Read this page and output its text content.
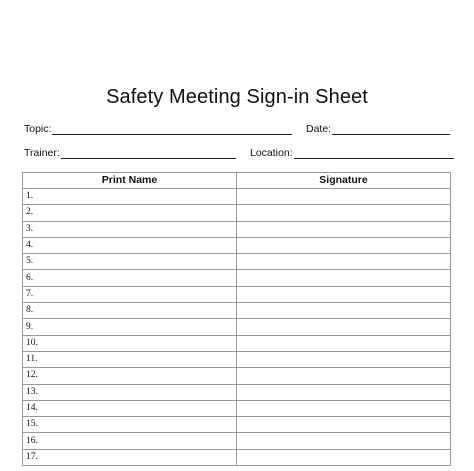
Safety Meeting Sign-in Sheet
Topic:	Date:
Trainer:	Location:
Print Name	Signature
1.	
2.	
3.	
4.	
5.	
6.	
7.	
8.	
9.	
10.	
11.	
12.	
13.	
14.	
15.	
16.	
17.	
